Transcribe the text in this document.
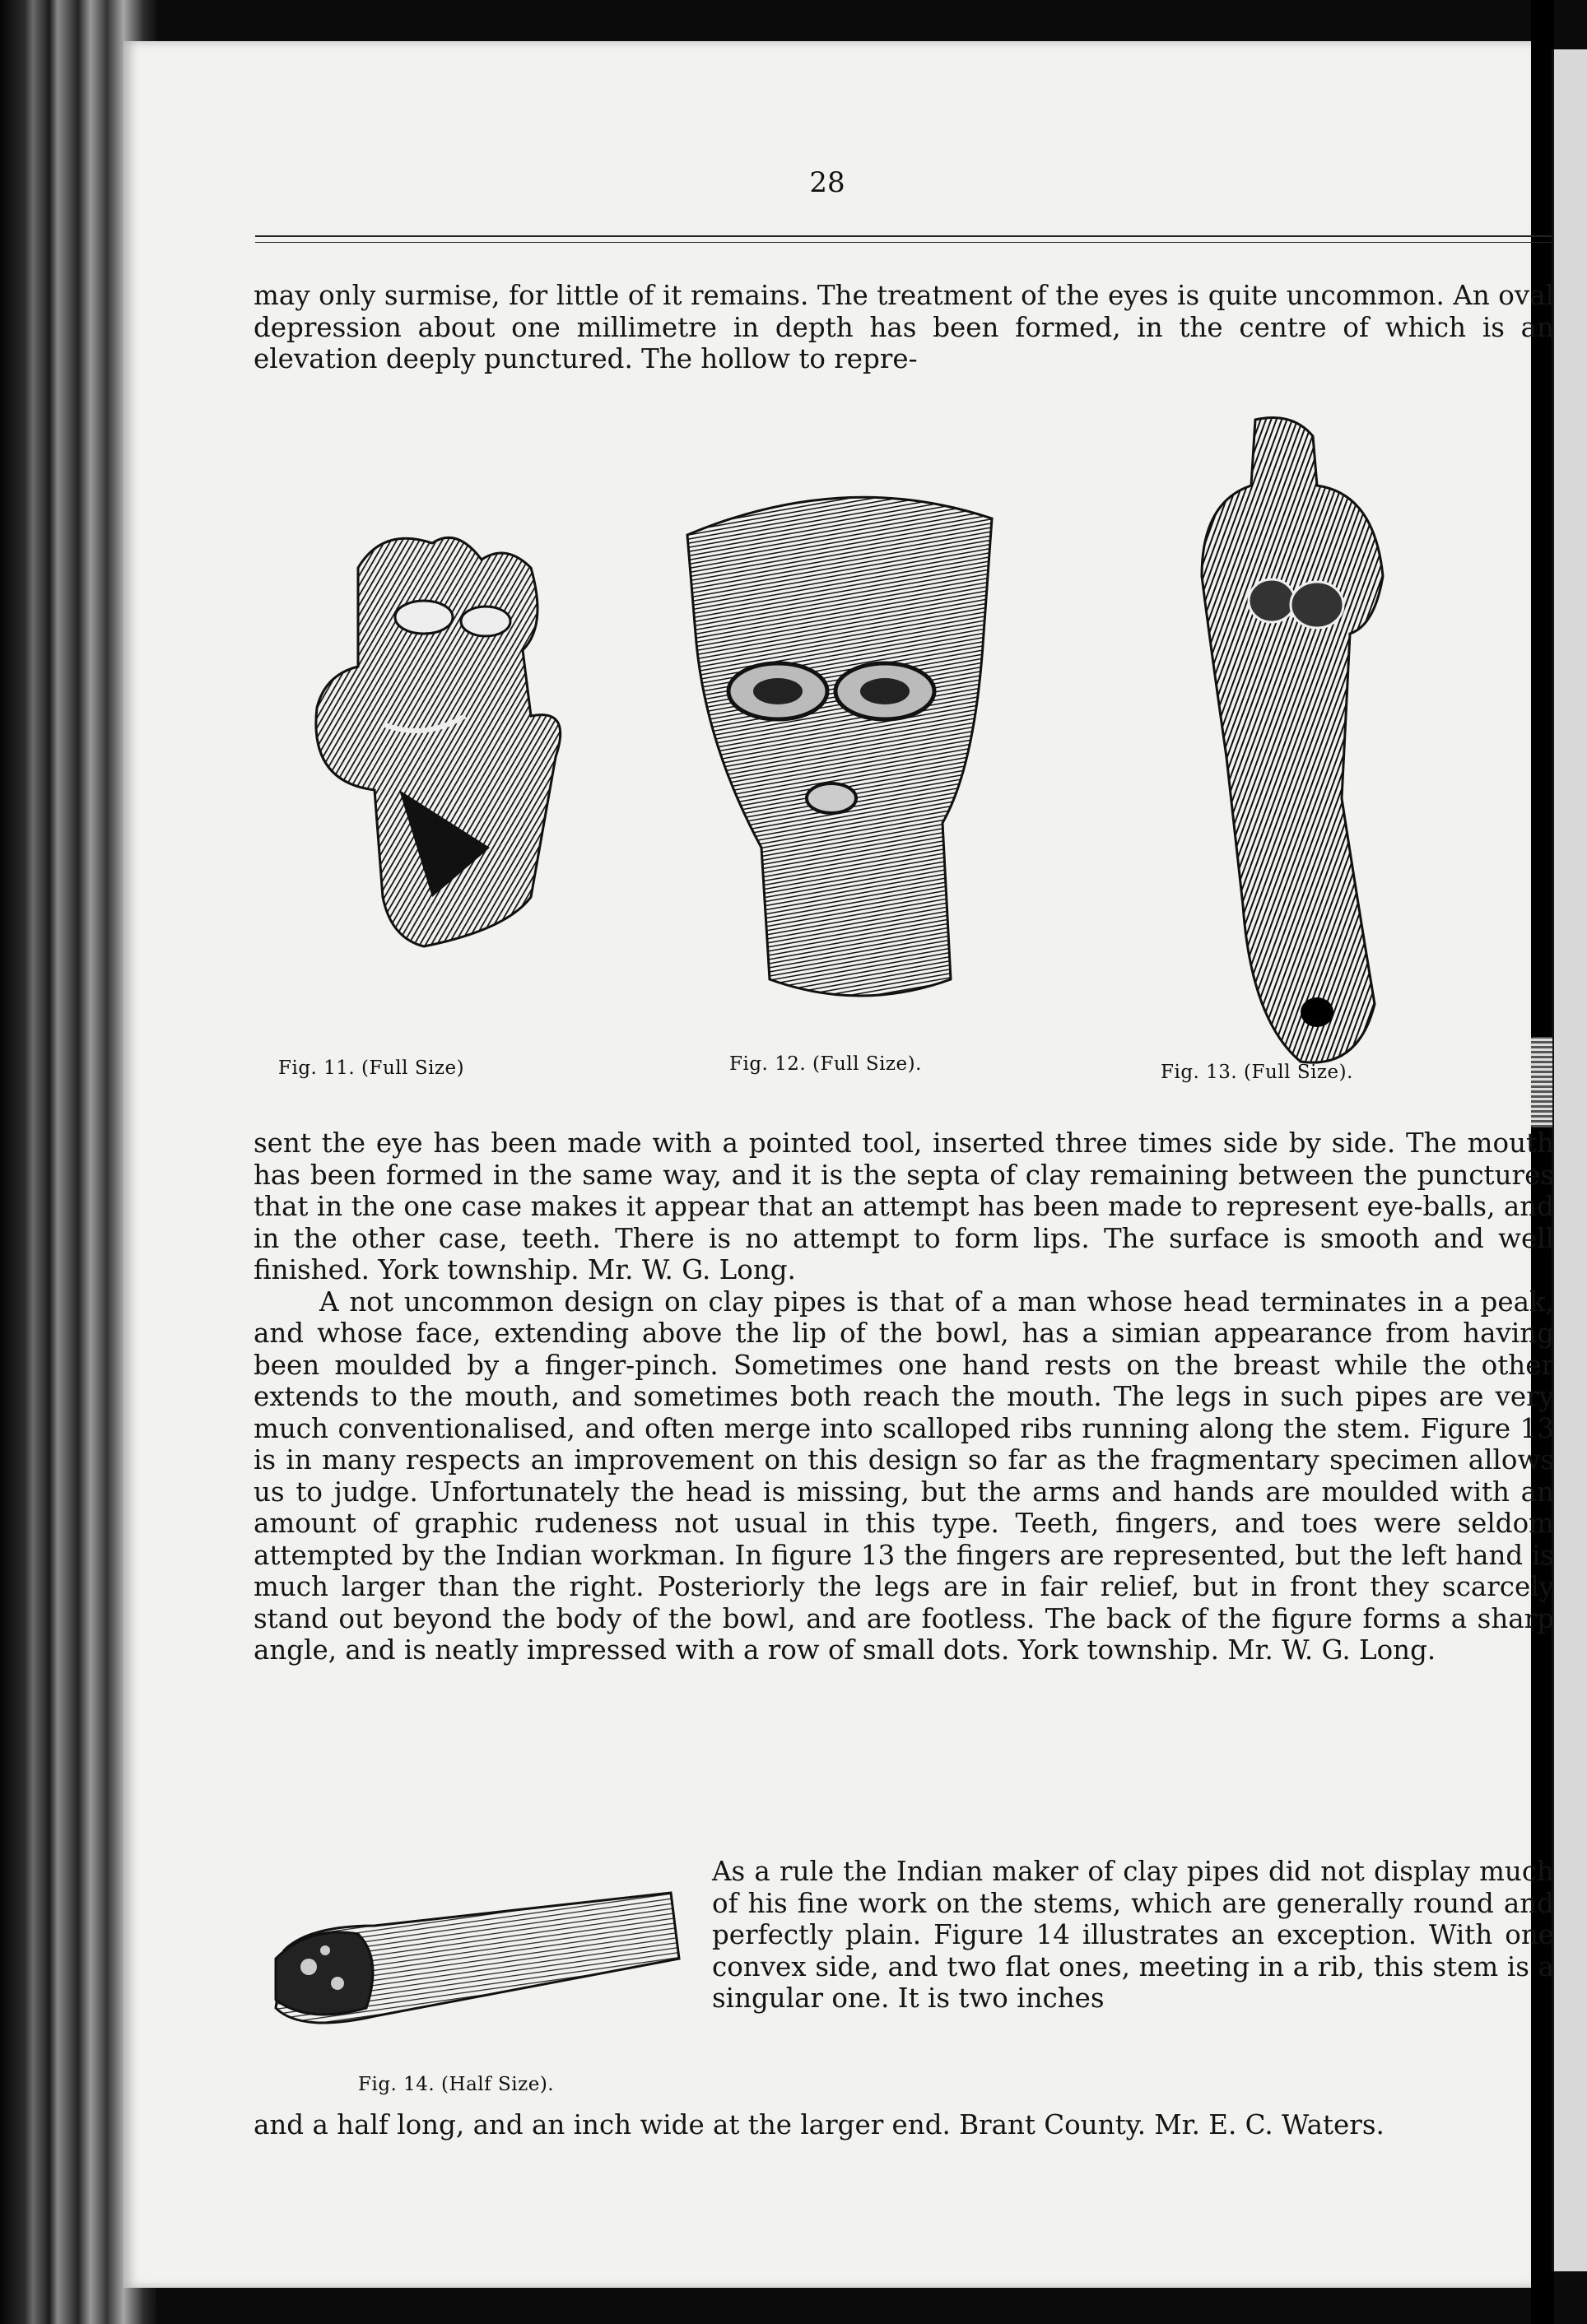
28

may only surmise, for little of it remains. The treatment of the eyes is quite uncommon. An oval depression about one millimetre in depth has been formed, in the centre of which is an elevation deeply punctured. The hollow to repre-

Fig. 11. (Full Size)	Fig. 12. (Full Size).	Fig. 13. (Full Size).

sent the eye has been made with a pointed tool, inserted three times side by side. The mouth has been formed in the same way, and it is the septa of clay remaining between the punctures that in the one case makes it appear that an attempt has been made to represent eye-balls, and in the other case, teeth. There is no attempt to form lips. The surface is smooth and well finished. York township. Mr. W. G. Long.

A not uncommon design on clay pipes is that of a man whose head terminates in a peak, and whose face, extending above the lip of the bowl, has a simian appearance from having been moulded by a finger-pinch. Sometimes one hand rests on the breast while the other extends to the mouth, and sometimes both reach the mouth. The legs in such pipes are very much conventionalised, and often merge into scalloped ribs running along the stem. Figure 13 is in many respects an improvement on this design so far as the fragmentary specimen allows us to judge. Unfortunately the head is missing, but the arms and hands are moulded with an amount of graphic rudeness not usual in this type. Teeth, fingers, and toes were seldom attempted by the Indian workman. In figure 13 the fingers are represented, but the left hand is much larger than the right. Posteriorly the legs are in fair relief, but in front they scarcely stand out beyond the body of the bowl, and are footless. The back of the figure forms a sharp angle, and is neatly impressed with a row of small dots. York township. Mr. W. G. Long.

Fig. 14. (Half Size).

As a rule the Indian maker of clay pipes did not display much of his fine work on the stems, which are generally round and perfectly plain. Figure 14 illustrates an exception. With one convex side, and two flat ones, meeting in a rib, this stem is a singular one. It is two inches

and a half long, and an inch wide at the larger end. Brant County. Mr. E. C. Waters.
